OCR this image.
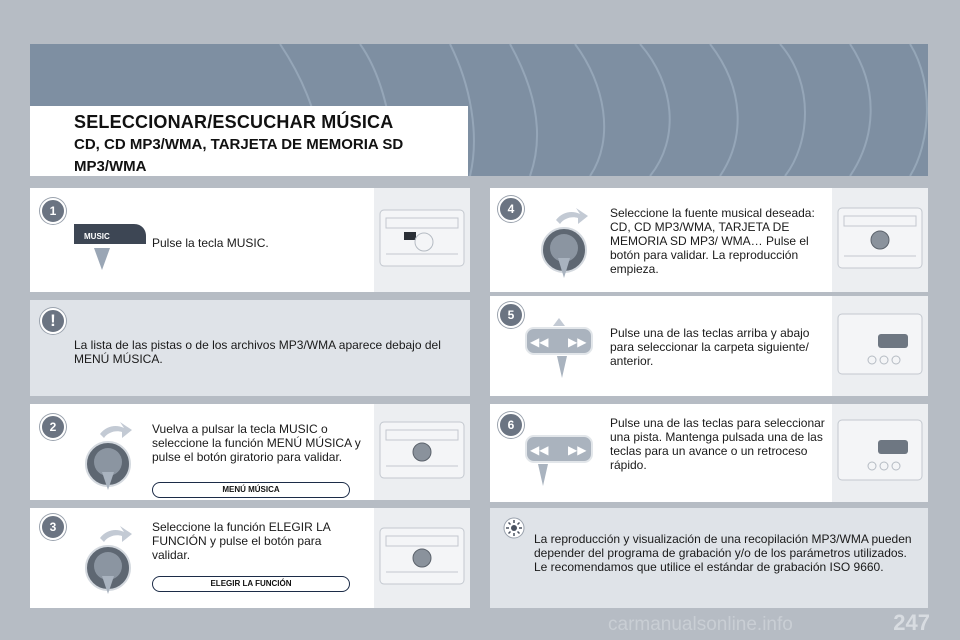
SELECCIONAR/ESCUCHAR MÚSICA
CD, CD MP3/WMA, TARJETA DE MEMORIA SD MP3/WMA
1
MUSIC	Pulse la tecla MUSIC.
!
La lista de las pistas o de los archivos MP3/WMA aparece debajo del MENÚ MÚSICA.
2	Vuelva a pulsar la tecla MUSIC o seleccione la función MENÚ MÚSICA y pulse el botón giratorio para validar.
MENÚ MÚSICA
3	Seleccione la función ELEGIR LA FUNCIÓN y pulse el botón para validar.
ELEGIR LA FUNCIÓN
4	Seleccione la fuente musical deseada: CD, CD MP3/WMA, TARJETA DE MEMORIA SD MP3/ WMA… Pulse el botón para validar. La reproducción empieza.
5
◀◀ ▶▶
Pulse una de las teclas arriba y abajo para seleccionar la carpeta siguiente/ anterior.
6
◀◀ ▶▶
Pulse una de las teclas para seleccionar una pista. Mantenga pulsada una de las teclas para un avance o un retroceso rápido.
La reproducción y visualización de una recopilación MP3/WMA pueden depender del programa de grabación y/o de los parámetros utilizados. Le recomendamos que utilice el estándar de grabación ISO 9660.
carmanualsonline.info	247
